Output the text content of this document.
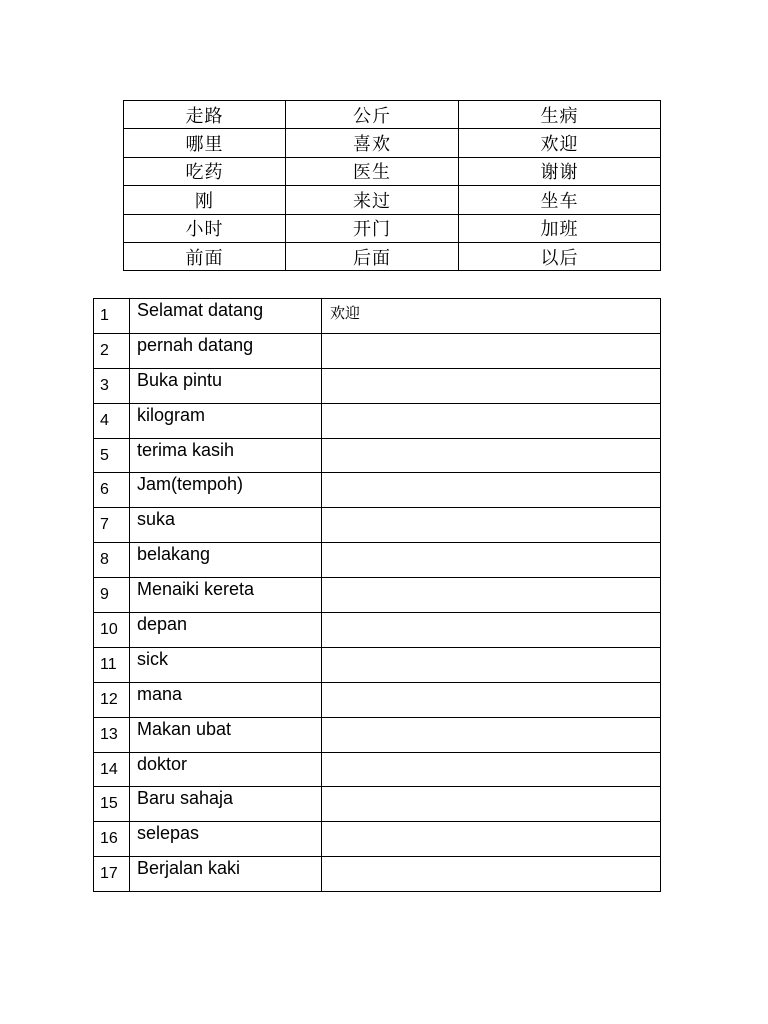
走路	公斤	生病
哪里	喜欢	欢迎
吃药	医生	谢谢
刚	来过	坐车
小时	开门	加班
前面	后面	以后
1	Selamat datang	欢迎
2	pernah datang	
3	Buka pintu	
4	kilogram	
5	terima kasih	
6	Jam(tempoh)	
7	suka	
8	belakang	
9	Menaiki kereta	
10	depan	
11	sick	
12	mana	
13	Makan ubat	
14	doktor	
15	Baru sahaja	
16	selepas	
17	Berjalan kaki	
